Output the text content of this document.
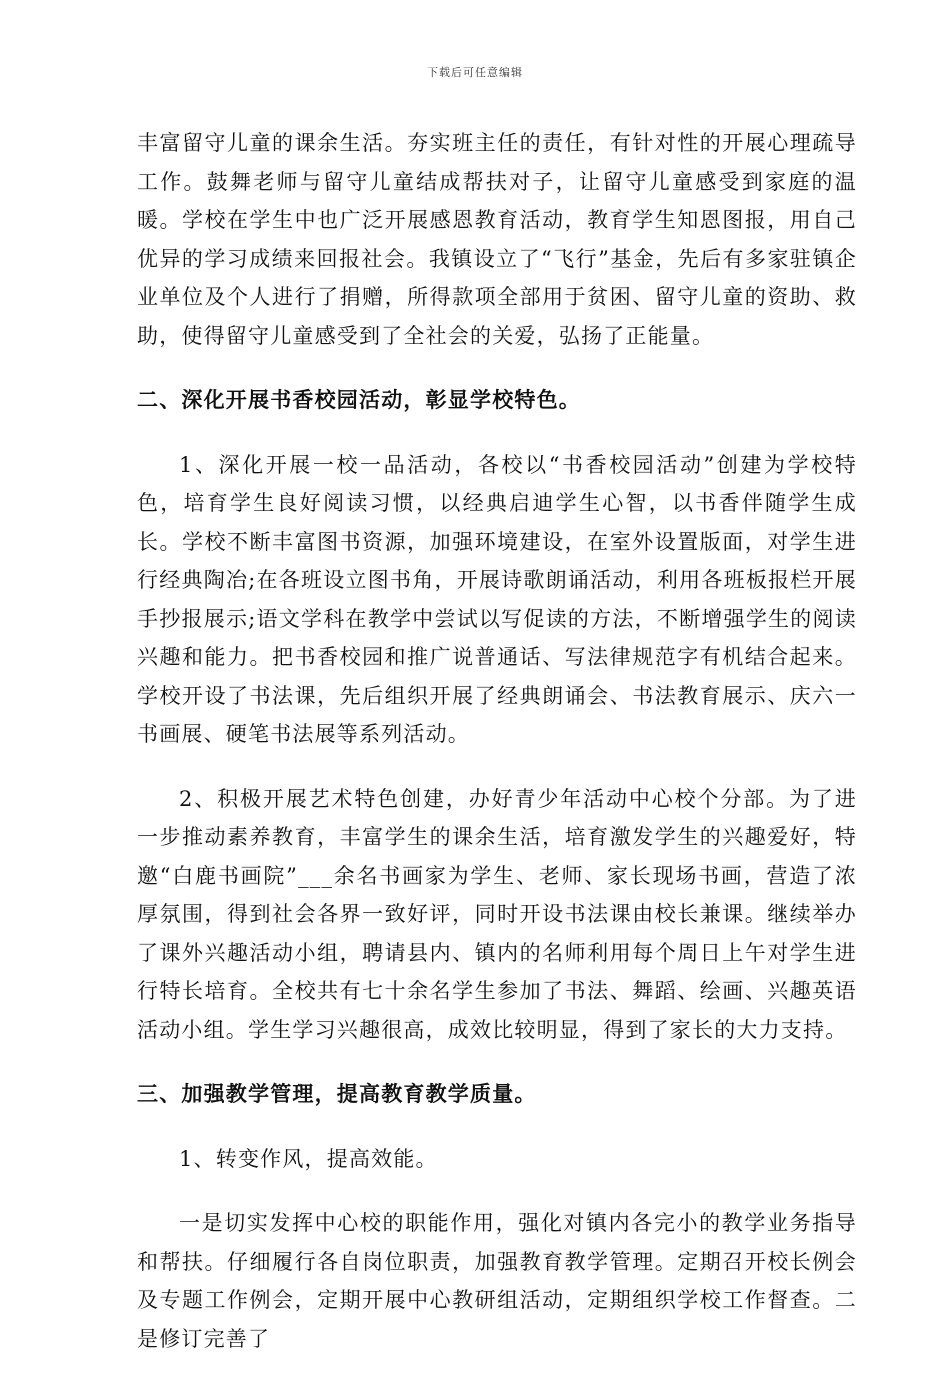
下载后可任意编辑

丰富留守儿童的课余生活。夯实班主任的责任，有针对性的开展心理疏导工作。鼓舞老师与留守儿童结成帮扶对子，让留守儿童感受到家庭的温暖。学校在学生中也广泛开展感恩教育活动，教育学生知恩图报，用自己优异的学习成绩来回报社会。我镇设立了“飞行”基金，先后有多家驻镇企业单位及个人进行了捐赠，所得款项全部用于贫困、留守儿童的资助、救助，使得留守儿童感受到了全社会的关爱，弘扬了正能量。

二、深化开展书香校园活动，彰显学校特色。

1、深化开展一校一品活动，各校以“书香校园活动”创建为学校特色，培育学生良好阅读习惯，以经典启迪学生心智，以书香伴随学生成长。学校不断丰富图书资源，加强环境建设，在室外设置版面，对学生进行经典陶冶;在各班设立图书角，开展诗歌朗诵活动，利用各班板报栏开展手抄报展示;语文学科在教学中尝试以写促读的方法，不断增强学生的阅读兴趣和能力。把书香校园和推广说普通话、写法律规范字有机结合起来。学校开设了书法课，先后组织开展了经典朗诵会、书法教育展示、庆六一书画展、硬笔书法展等系列活动。

2、积极开展艺术特色创建，办好青少年活动中心校个分部。为了进一步推动素养教育，丰富学生的课余生活，培育激发学生的兴趣爱好，特邀“白鹿书画院”___余名书画家为学生、老师、家长现场书画，营造了浓厚氛围，得到社会各界一致好评，同时开设书法课由校长兼课。继续举办了课外兴趣活动小组，聘请县内、镇内的名师利用每个周日上午对学生进行特长培育。全校共有七十余名学生参加了书法、舞蹈、绘画、兴趣英语活动小组。学生学习兴趣很高，成效比较明显，得到了家长的大力支持。

三、加强教学管理，提高教育教学质量。

1、转变作风，提高效能。

一是切实发挥中心校的职能作用，强化对镇内各完小的教学业务指导和帮扶。仔细履行各自岗位职责，加强教育教学管理。定期召开校长例会及专题工作例会，定期开展中心教研组活动，定期组织学校工作督查。二是修订完善了
